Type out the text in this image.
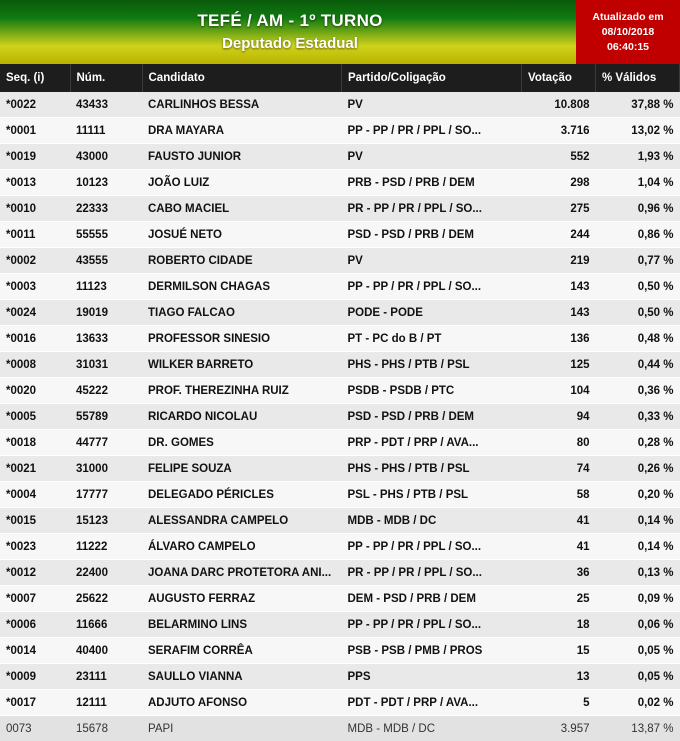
TEFÉ / AM - 1º TURNO
Deputado Estadual
Atualizado em
08/10/2018
06:40:15
Seq. (i)	Núm.	Candidato	Partido/Coligação	Votação	% Válidos
*0022	43433	CARLINHOS BESSA	PV	10.808	37,88 %
*0001	11111	DRA MAYARA	PP - PP / PR / PPL / SO...	3.716	13,02 %
*0019	43000	FAUSTO JUNIOR	PV	552	1,93 %
*0013	10123	JOÃO LUIZ	PRB - PSD / PRB / DEM	298	1,04 %
*0010	22333	CABO MACIEL	PR - PP / PR / PPL / SO...	275	0,96 %
*0011	55555	JOSUÉ NETO	PSD - PSD / PRB / DEM	244	0,86 %
*0002	43555	ROBERTO CIDADE	PV	219	0,77 %
*0003	11123	DERMILSON CHAGAS	PP - PP / PR / PPL / SO...	143	0,50 %
*0024	19019	TIAGO FALCAO	PODE - PODE	143	0,50 %
*0016	13633	PROFESSOR SINESIO	PT - PC do B / PT	136	0,48 %
*0008	31031	WILKER BARRETO	PHS - PHS / PTB / PSL	125	0,44 %
*0020	45222	PROF. THEREZINHA RUIZ	PSDB - PSDB / PTC	104	0,36 %
*0005	55789	RICARDO NICOLAU	PSD - PSD / PRB / DEM	94	0,33 %
*0018	44777	DR. GOMES	PRP - PDT / PRP / AVA...	80	0,28 %
*0021	31000	FELIPE SOUZA	PHS - PHS / PTB / PSL	74	0,26 %
*0004	17777	DELEGADO PÉRICLES	PSL - PHS / PTB / PSL	58	0,20 %
*0015	15123	ALESSANDRA CAMPELO	MDB - MDB / DC	41	0,14 %
*0023	11222	ÁLVARO CAMPELO	PP - PP / PR / PPL / SO...	41	0,14 %
*0012	22400	JOANA DARC PROTETORA ANI...	PR - PP / PR / PPL / SO...	36	0,13 %
*0007	25622	AUGUSTO FERRAZ	DEM - PSD / PRB / DEM	25	0,09 %
*0006	11666	BELARMINO LINS	PP - PP / PR / PPL / SO...	18	0,06 %
*0014	40400	SERAFIM CORRÊA	PSB - PSB / PMB / PROS	15	0,05 %
*0009	23111	SAULLO VIANNA	PPS	13	0,05 %
*0017	12111	ADJUTO AFONSO	PDT - PDT / PRP / AVA...	5	0,02 %
0073	15678	PAPI	MDB - MDB / DC	3.957	13,87 %
